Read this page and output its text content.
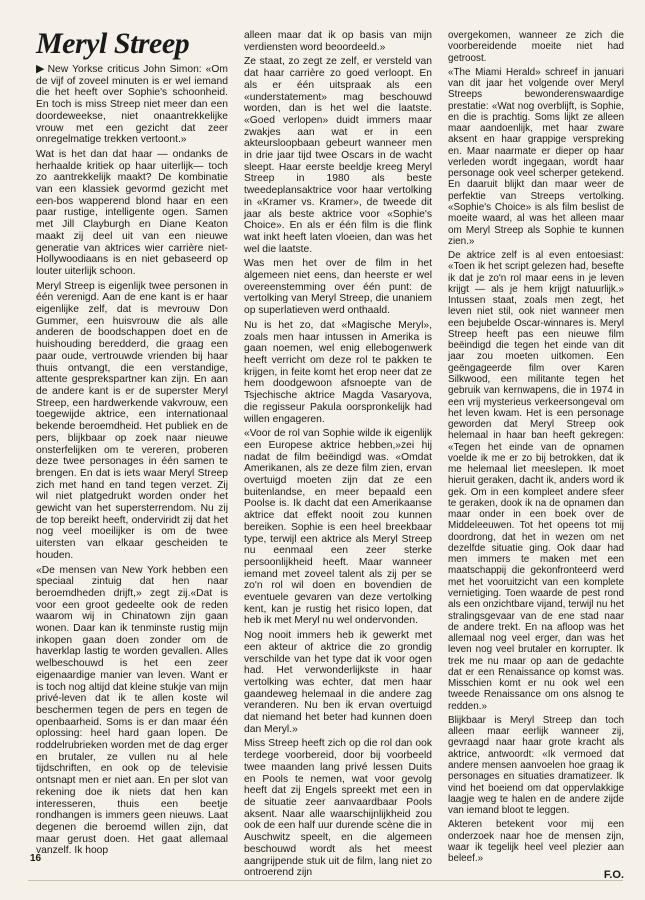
Meryl Streep

▶ New Yorkse criticus John Simon: «Om de vijf of zoveel minuten is er wel iemand die het heeft over Sophie's schoonheid. En toch is miss Streep niet meer dan een doordeweekse, niet onaantrekkelijke vrouw met een gezicht dat zeer onregelmatige trekken vertoont.»

Wat is het dan dat haar — ondanks de herhaalde kritiek op haar uiterlijk— toch zo aantrekkelijk maakt? De kombinatie van een klassiek gevormd gezicht met een-bos wapperend blond haar en een paar rustige, intelligente ogen. Samen met Jill Clayburgh en Diane Keaton maakt zij deel uit van een nieuwe generatie van aktrices wier carrière niet-Hollywoodiaans is en niet gebaseerd op louter uiterlijk schoon.

Meryl Streep is eigenlijk twee personen in één verenigd. Aan de ene kant is er haar eigenlijke zelf, dat is mevrouw Don Gummer, een huisvrouw die als alle anderen de boodschappen doet en de huishouding beredderd, die graag een paar oude, vertrouwde vrienden bij haar thuis ontvangt, die een verstandige, attente gesprekspartner kan zijn. En aan de andere kant is er de superster Meryl Streep, een hardwerkende vakvrouw, een toegewijde aktrice, een internationaal bekende beroemdheid. Het publiek en de pers, blijkbaar op zoek naar nieuwe onsterfelijken om te vereren, proberen deze twee personages in één samen te brengen. En dat is iets waar Meryl Streep zich met hand en tand tegen verzet. Zij wil niet platgedrukt worden onder het gewicht van het supersterrendom. Nu zij de top bereikt heeft, onderviridt zij dat het nog veel moeilijker is om de twee uitersten van elkaar gescheiden te houden.

«De mensen van New York hebben een speciaal zintuig dat hen naar beroemdheden drijft,» zegt zij.«Dat is voor een groot gedeelte ook de reden waarom wij in Chinatown zijn gaan wonen. Daar kan ik tenminste rustig mijn inkopen gaan doen zonder om de haverklap lastig te worden gevallen. Alles welbeschouwd is het een zeer eigenaardige manier van leven. Want er is toch nog altijd dat kleine stukje van mijn privé-leven dat ik te allen koste wil beschermen tegen de pers en tegen de openbaarheid. Soms is er dan maar één oplossing: heel hard gaan lopen. De roddelrubrieken worden met de dag erger en brutaler, ze vullen nu al hele tijdschriften, en ook op de televisie ontsnapt men er niet aan. En per slot van rekening doe ik niets dat hen kan interesseren, thuis een beetje rondhangen is immers geen nieuws. Laat degenen die beroemd willen zijn, dat maar gerust doen. Het gaat allemaal vanzelf. Ik hoop

alleen maar dat ik op basis van mijn verdiensten word beoordeeld.»

Ze staat, zo zegt ze zelf, er versteld van dat haar carrière zo goed verloopt. En als er één uitspraak als een «understatement» mag beschouwd worden, dan is het wel die laatste. «Goed verlopen» duidt immers maar zwakjes aan wat er in een akteursloopbaan gebeurt wanneer men in drie jaar tijd twee Oscars in de wacht sleept. Haar eerste beeldje kreeg Meryl Streep in 1980 als beste tweedeplansaktrice voor haar vertolking in «Kramer vs. Kramer», de tweede dit jaar als beste aktrice voor «Sophie's Choice». En als er één film is die flink wat inkt heeft laten vloeien, dan was het wel die laatste.

Was men het over de film in het algemeen niet eens, dan heerste er wel overeenstemming over één punt: de vertolking van Meryl Streep, die unaniem op superlatieven werd onthaald.

Nu is het zo, dat «Magische Meryl», zoals men haar intussen in Amerika is gaan noemen, wel enig ellebogenwerk heeft verricht om deze rol te pakken te krijgen, in feite komt het erop neer dat ze hem doodgewoon afsnoepte van de Tsjechische aktrice Magda Vasaryova, die regisseur Pakula oorspronkelijk had willen engageren.

«Voor de rol van Sophie wilde ik eigenlijk een Europese aktrice hebben,»zei hij nadat de film beëindigd was. «Omdat Amerikanen, als ze deze film zien, ervan overtuigd moeten zijn dat ze een buitenlandse, en meer bepaald een Poolse is. Ik dacht dat een Amerikaanse aktrice dat effekt nooit zou kunnen bereiken. Sophie is een heel breekbaar type, terwijl een aktrice als Meryl Streep nu eenmaal een zeer sterke persoonlijkheid heeft. Maar wanneer iemand met zoveel talent als zij per se zo'n rol wil doen en bovendien de eventuele gevaren van deze vertolking kent, kan je rustig het risico lopen, dat heb ik met Meryl nu wel ondervonden.

Nog nooit immers heb ik gewerkt met een akteur of aktrice die zo grondig verschilde van het type dat ik voor ogen had. Het verwonderlijkste in haar vertolking was echter, dat men haar gaandeweg helemaal in die andere zag veranderen. Nu ben ik ervan overtuigd dat niemand het beter had kunnen doen dan Meryl.»

Miss Streep heeft zich op die rol dan ook terdege voorbereid, door bij voorbeeld twee maanden lang privé lessen Duits en Pools te nemen, wat voor gevolg heeft dat zij Engels spreekt met een in de situatie zeer aanvaardbaar Pools aksent. Naar alle waarschijnlijkheid zou ook de een half uur durende scène die in Auschwitz speelt, en die algemeen beschouwd wordt als het meest aangrijpende stuk uit de film, lang niet zo ontroerend zijn

overgekomen, wanneer ze zich die voorbereidende moeite niet had getroost.

«The Miami Herald» schreef in januari van dit jaar het volgende over Meryl Streeps bewonderenswaardige prestatie: «Wat nog overblijft, is Sophie, en die is prachtig. Soms lijkt ze alleen maar aandoenlijk, met haar zware aksent en haar grappige verspreking en. Maar naarmate er dieper op haar verleden wordt ingegaan, wordt haar personage ook veel scherper getekend. En daaruit blijkt dan maar weer de perfektie van Streeps vertolking. «Sophie's Choice» is als film beslist de moeite waard, al was het alleen maar om Meryl Streep als Sophie te kunnen zien.»

De aktrice zelf is al even entoesiast: «Toen ik het script gelezen had, besefte ik dat je zo'n rol maar eens in je leven krijgt — als je hem krijgt natuurlijk.» Intussen staat, zoals men zegt, het leven niet stil, ook niet wanneer men een bejubelde Oscar-winnares is. Meryl Streep heeft pas een nieuwe film beëindigd die tegen het einde van dit jaar zou moeten uitkomen. Een geëngageerde film over Karen Silkwood, een militante tegen het gebruik van kernwapens, die in 1974 in een vrij mysterieus verkeersongeval om het leven kwam. Het is een personage geworden dat Meryl Streep ook helemaal in haar ban heeft gekregen: «Tegen het einde van de opnamen voelde ik me er zo bij betrokken, dat ik me helemaal liet meeslepen. Ik moet hieruit geraken, dacht ik, anders word ik gek. Om in een kompleet andere sfeer te geraken, dook ik na de opnamen dan maar onder in een boek over de Middeleeuwen. Tot het opeens tot mij doordrong, dat het in wezen om net dezelfde situatie ging. Ook daar had men immers te maken met een maatschappij die gekonfronteerd werd met het vooruitzicht van een komplete vernietiging. Toen waarde de pest rond als een onzichtbare vijand, terwijl nu het stralingsgevaar van de ene stad naar de andere trekt. En na afloop was het allemaal nog veel erger, dan was het leven nog veel brutaler en korrupter. Ik trek me nu maar op aan de gedachte dat er een Renaissance op komst was. Misschien komt er nu ook wel een tweede Renaissance om ons alsnog te redden.»

Blijkbaar is Meryl Streep dan toch alleen maar eerlijk wanneer zij, gevraagd naar haar grote kracht als aktrice, antwoordt: «Ik vermoed dat andere mensen aanvoelen hoe graag ik personages en situaties dramatizeer. Ik vind het boeiend om dat oppervlakkige laagje weg te halen en de andere zijde van iemand bloot te leggen.

Akteren betekent voor mij een onderzoek naar hoe de mensen zijn, waar ik tegelijk heel veel plezier aan beleef.»

F.O.
16
